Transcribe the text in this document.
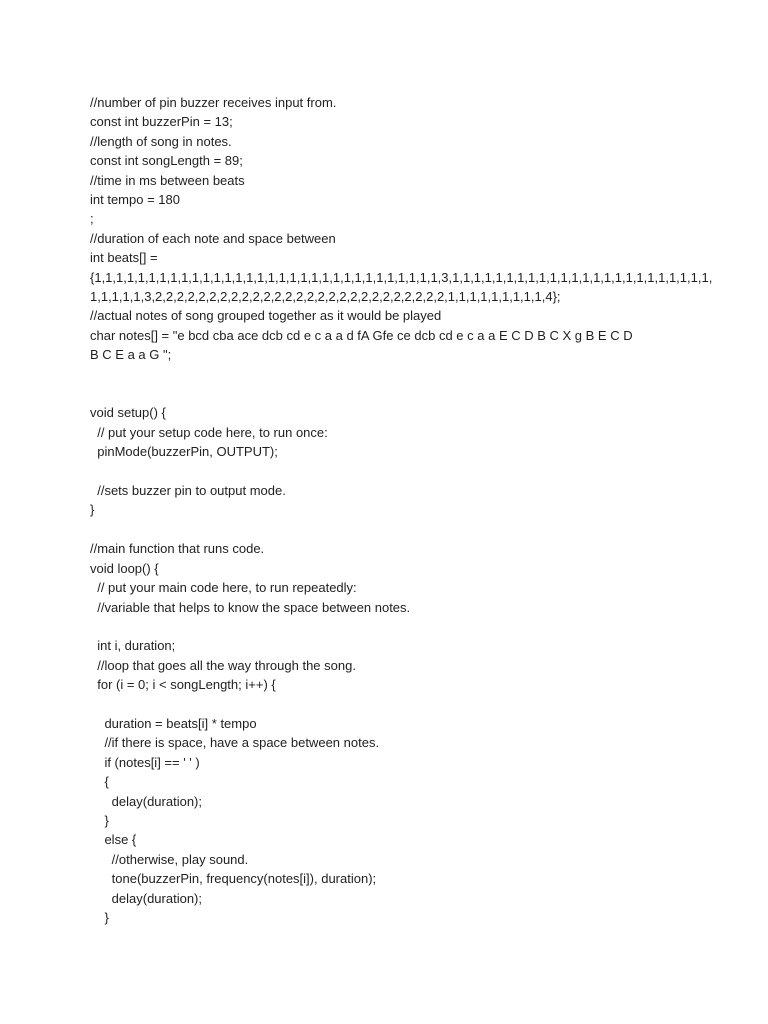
//number of pin buzzer receives input from.
const int buzzerPin = 13;
//length of song in notes.
const int songLength = 89;
//time in ms between beats
int tempo = 180
;
//duration of each note and space between
int beats[] =
{1,1,1,1,1,1,1,1,1,1,1,1,1,1,1,1,1,1,1,1,1,1,1,1,1,1,1,1,1,1,1,1,3,1,1,1,1,1,1,1,1,1,1,1,1,1,1,1,1,1,1,1,1,1,1,1,1,
1,1,1,1,1,3,2,2,2,2,2,2,2,2,2,2,2,2,2,2,2,2,2,2,2,2,2,2,2,2,2,2,2,1,1,1,1,1,1,1,1,1,4};
//actual notes of song grouped together as it would be played
char notes[] = "e bcd cba ace dcb cd e c a a d fA Gfe ce dcb cd e c a a E C D B C X g B E C D
B C E a a G ";
void setup() {
// put your setup code here, to run once:
pinMode(buzzerPin, OUTPUT);
//sets buzzer pin to output mode.
}
//main function that runs code.
void loop() {
// put your main code here, to run repeatedly:
//variable that helps to know the space between notes.
int i, duration;
//loop that goes all the way through the song.
for (i = 0; i < songLength; i++) {
duration = beats[i] * tempo
//if there is space, have a space between notes.
if (notes[i] == ' ' )
{
delay(duration);
}
else {
//otherwise, play sound.
tone(buzzerPin, frequency(notes[i]), duration);
delay(duration);
}
